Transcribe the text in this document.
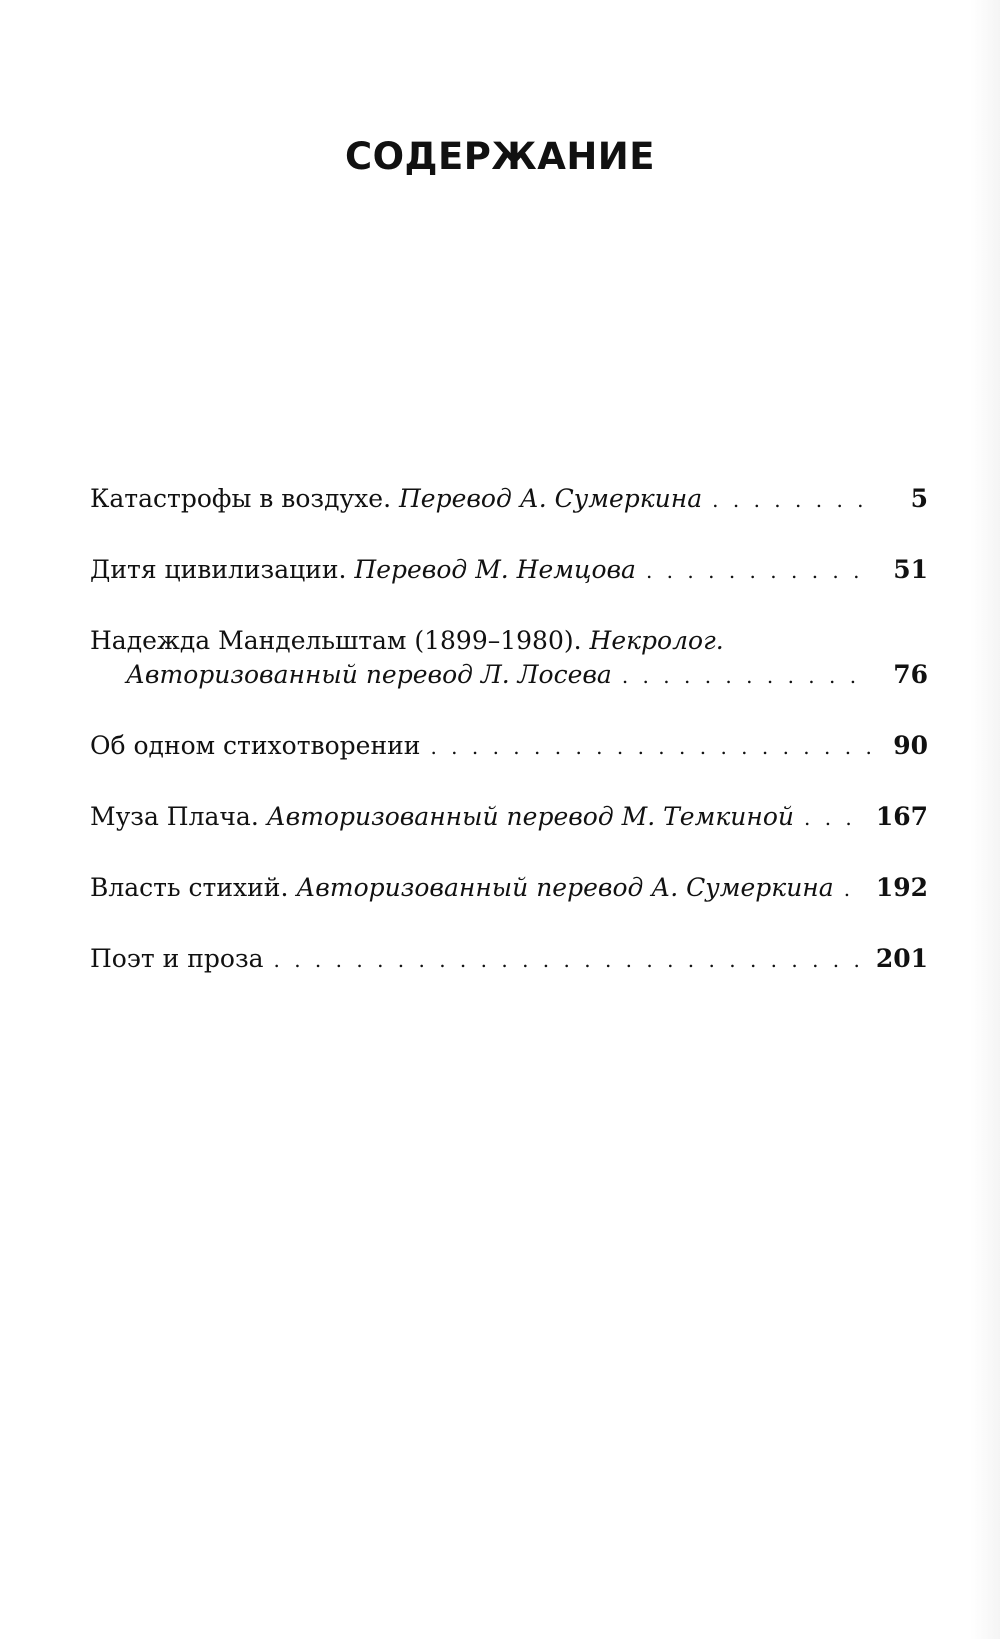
СОДЕРЖАНИЕ
Катастрофы в воздухе. Перевод А. Сумеркина . . .	5
Дитя цивилизации. Перевод М. Немцова . . .	51
Надежда Мандельштам (1899–1980). Некролог.
Авторизованный перевод Л. Лосева . . .	76
Об одном стихотворении . . .	90
Муза Плача. Авторизованный перевод М. Темкиной . . .	167
Власть стихий. Авторизованный перевод А. Сумеркина . . . 192
Поэт и проза . . .	201
